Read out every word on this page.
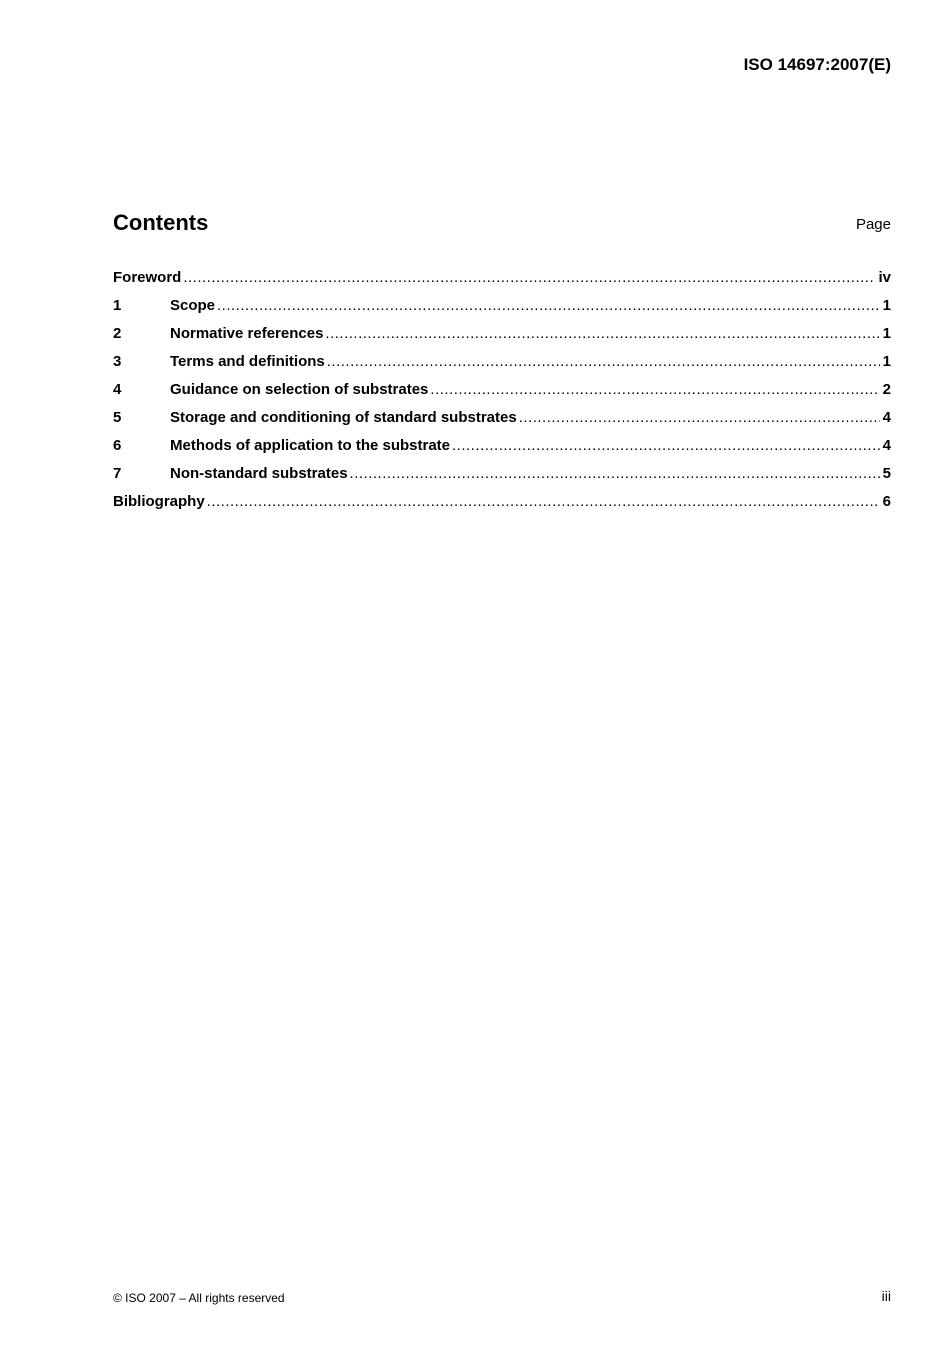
ISO 14697:2007(E)
Contents	Page
Foreword .....	iv
1	Scope .....	1
2	Normative references .....	1
3	Terms and definitions .....	1
4	Guidance on selection of substrates .....	2
5	Storage and conditioning of standard substrates .....	4
6	Methods of application to the substrate .....	4
7	Non-standard substrates .....	5
Bibliography .....	6
© ISO 2007 – All rights reserved	iii
